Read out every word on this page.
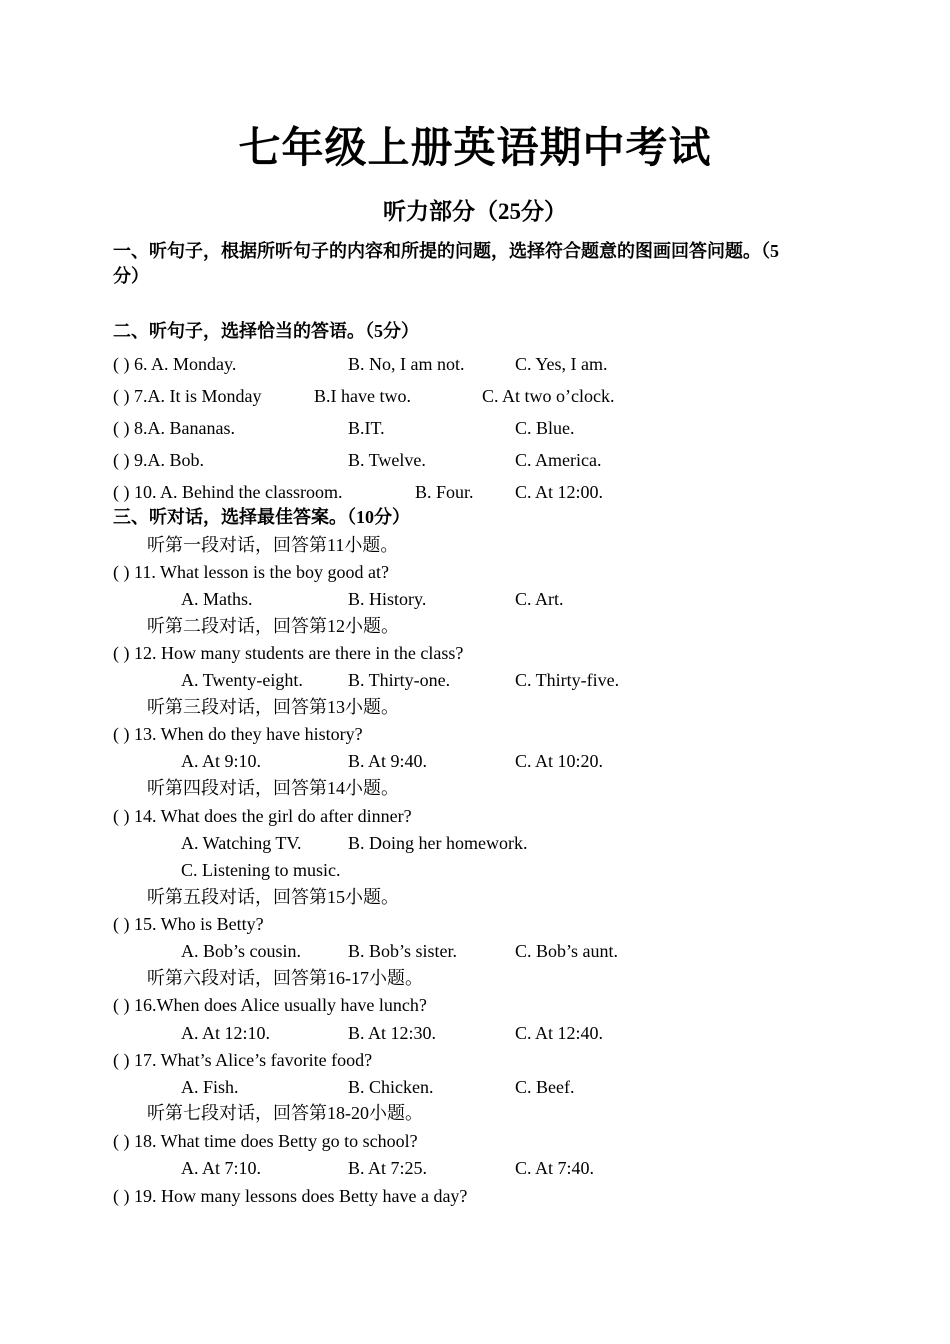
七年级上册英语期中考试
听力部分（25分）
一、听句子，根据所听句子的内容和所提的问题，选择符合题意的图画回答问题。（5
分）
二、听句子，选择恰当的答语。（5分）
( ) 6. A. Monday.	B. No, I am not.	C. Yes, I am.
( ) 7.A. It is Monday	B.I have two.	C. At two o’clock.
( ) 8.A. Bananas.	B.IT.	C. Blue.
( ) 9.A. Bob.	B. Twelve.	C. America.
( ) 10. A. Behind the classroom.	B. Four. C. At 12:00.
三、听对话，选择最佳答案。（10分）
听第一段对话，回答第11小题。
( ) 11. What lesson is the boy good at?
A. Maths.	B. History.	C. Art.
听第二段对话，回答第12小题。
( ) 12. How many students are there in the class?
A. Twenty-eight.	B. Thirty-one.	C. Thirty-five.
听第三段对话，回答第13小题。
( ) 13. When do they have history?
A. At 9:10.	B. At 9:40.	C. At 10:20.
听第四段对话，回答第14小题。
( ) 14. What does the girl do after dinner?
A. Watching TV.	B. Doing her homework.
C. Listening to music.
听第五段对话，回答第15小题。
( ) 15. Who is Betty?
A. Bob’s cousin.	B. Bob’s sister.	C. Bob’s aunt.
听第六段对话，回答第16-17小题。
( ) 16.When does Alice usually have lunch?
A. At 12:10.	B. At 12:30.	C. At 12:40.
( ) 17. What’s Alice’s favorite food?
A. Fish.	B. Chicken.	C. Beef.
听第七段对话，回答第18-20小题。
( ) 18. What time does Betty go to school?
A. At 7:10.	B. At 7:25.	C. At 7:40.
( ) 19. How many lessons does Betty have a day?
